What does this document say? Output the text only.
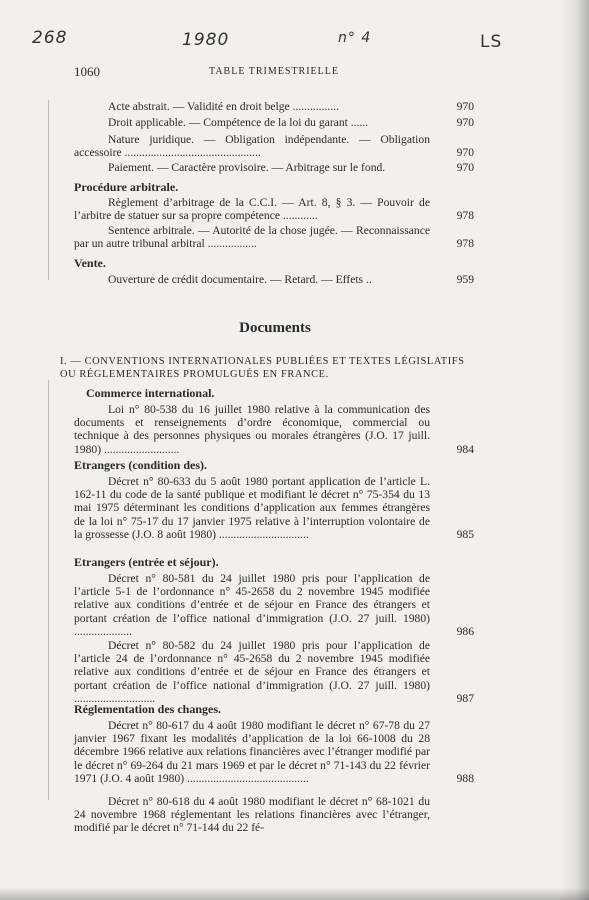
268	1980	n° 4	LS
1060	TABLE TRIMESTRIELLE
Acte abstrait. — Validité en droit belge ................	970
Droit applicable. — Compétence de la loi du garant ......	970
Nature juridique. — Obligation indépendante. — Obligation accessoire ...............................................	970
Paiement. — Caractère provisoire. — Arbitrage sur le fond.	970
Procédure arbitrale.
Règlement d’arbitrage de la C.C.I. — Art. 8, § 3. — Pouvoir de l’arbitre de statuer sur sa propre compétence ............	978
Sentence arbitrale. — Autorité de la chose jugée. — Reconnaissance par un autre tribunal arbitral .................	978
Vente.
Ouverture de crédit documentaire. — Retard. — Effets ..	959
Documents
I. — CONVENTIONS INTERNATIONALES PUBLIÉES ET TEXTES LÉGISLATIFS OU RÉGLEMENTAIRES PROMULGUÉS EN FRANCE.
Commerce international.
Loi n° 80-538 du 16 juillet 1980 relative à la communication des documents et renseignements d’ordre économique, commercial ou technique à des personnes physiques ou morales étrangères (J.O. 17 juill. 1980) ..........................	984
Etrangers (condition des).
Décret n° 80-633 du 5 août 1980 portant application de l’article L. 162-11 du code de la santé publique et modifiant le décret n° 75-354 du 13 mai 1975 déterminant les conditions d’application aux femmes étrangères de la loi n° 75-17 du 17 janvier 1975 relative à l’interruption volontaire de la grossesse (J.O. 8 août 1980) ...............................	985
Etrangers (entrée et séjour).
Décret n° 80-581 du 24 juillet 1980 pris pour l’application de l’article 5-1 de l’ordonnance n° 45-2658 du 2 novembre 1945 modifiée relative aux conditions d’entrée et de séjour en France des étrangers et portant création de l’office national d’immigration (J.O. 27 juill. 1980) ....................	986
Décret n° 80-582 du 24 juillet 1980 pris pour l’application de l’article 24 de l’ordonnance n° 45-2658 du 2 novembre 1945 modifiée relative aux conditions d’entrée et de séjour en France des étrangers et portant création de l’office national d’immigration (J.O. 27 juill. 1980) ............................	987
Réglementation des changes.
Décret n° 80-617 du 4 août 1980 modifiant le décret n° 67-78 du 27 janvier 1967 fixant les modalités d’application de la loi 66-1008 du 28 décembre 1966 relative aux relations financières avec l’étranger modifié par le décret n° 69-264 du 21 mars 1969 et par le décret n° 71-143 du 22 février 1971 (J.O. 4 août 1980) ..........................................	988
Décret n° 80-618 du 4 août 1980 modifiant le décret n° 68-1021 du 24 novembre 1968 réglementant les relations financières avec l’étranger, modifié par le décret n° 71-144 du 22 fé-
